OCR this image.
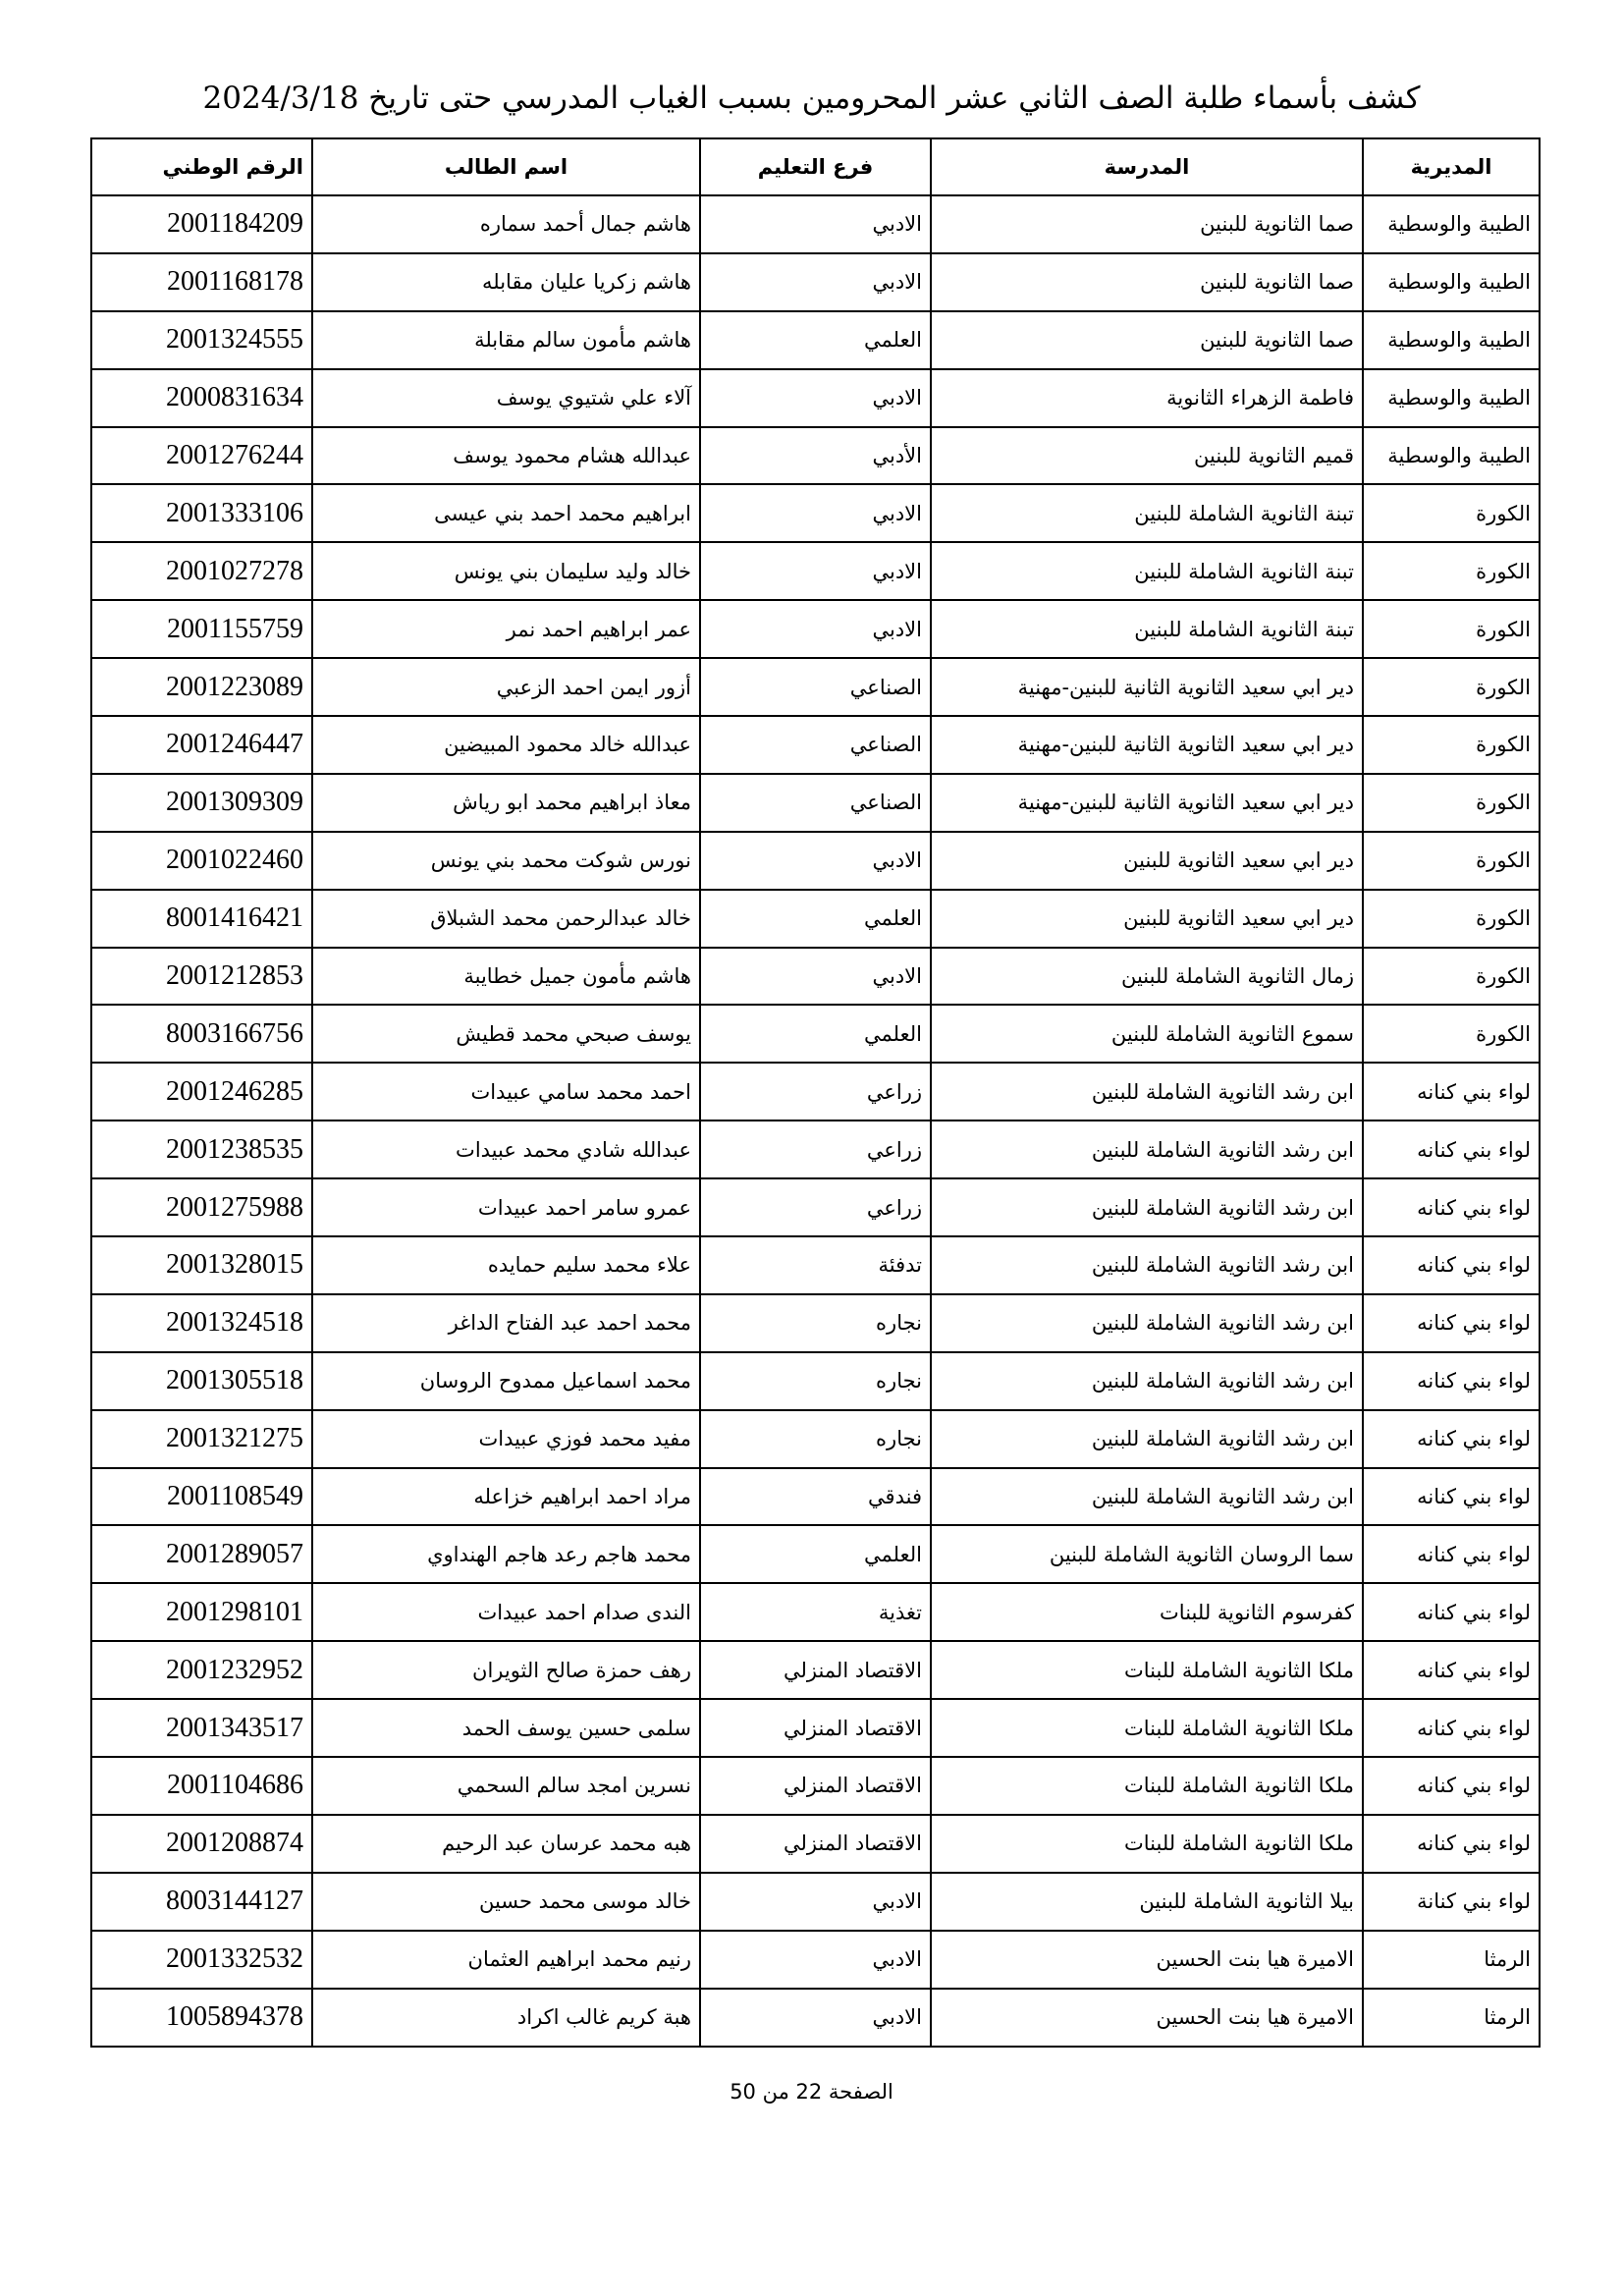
كشف بأسماء طلبة الصف الثاني عشر المحرومين بسبب الغياب المدرسي حتى تاريخ 2024/3/18
المديرية	المدرسة	فرع التعليم	اسم الطالب	الرقم الوطني
الطيبة والوسطية	صما الثانوية للبنين	الادبي	هاشم جمال أحمد سماره	2001184209
الطيبة والوسطية	صما الثانوية للبنين	الادبي	هاشم زكريا عليان مقابله	2001168178
الطيبة والوسطية	صما الثانوية للبنين	العلمي	هاشم مأمون سالم مقابلة	2001324555
الطيبة والوسطية	فاطمة الزهراء الثانوية	الادبي	آلاء علي شتيوي يوسف	2000831634
الطيبة والوسطية	قميم الثانوية للبنين	الأدبي	عبدالله هشام محمود يوسف	2001276244
الكورة	تبنة الثانوية الشاملة للبنين	الادبي	ابراهيم محمد احمد بني عيسى	2001333106
الكورة	تبنة الثانوية الشاملة للبنين	الادبي	خالد وليد سليمان بني يونس	2001027278
الكورة	تبنة الثانوية الشاملة للبنين	الادبي	عمر ابراهيم احمد نمر	2001155759
الكورة	دير ابي سعيد الثانوية الثانية للبنين-مهنية	الصناعي	أزور ايمن احمد الزعبي	2001223089
الكورة	دير ابي سعيد الثانوية الثانية للبنين-مهنية	الصناعي	عبدالله خالد محمود المبيضين	2001246447
الكورة	دير ابي سعيد الثانوية الثانية للبنين-مهنية	الصناعي	معاذ ابراهيم محمد ابو رياش	2001309309
الكورة	دير ابي سعيد الثانوية للبنين	الادبي	نورس شوكت محمد بني يونس	2001022460
الكورة	دير ابي سعيد الثانوية للبنين	العلمي	خالد عبدالرحمن محمد الشبلاق	8001416421
الكورة	زمال الثانوية الشاملة للبنين	الادبي	هاشم مأمون جميل خطايبة	2001212853
الكورة	سموع الثانوية الشاملة للبنين	العلمي	يوسف صبحي محمد قطيش	8003166756
لواء بني كنانه	ابن رشد الثانوية الشاملة للبنين	زراعي	احمد محمد سامي عبيدات	2001246285
لواء بني كنانه	ابن رشد الثانوية الشاملة للبنين	زراعي	عبدالله شادي محمد عبيدات	2001238535
لواء بني كنانه	ابن رشد الثانوية الشاملة للبنين	زراعي	عمرو سامر احمد عبيدات	2001275988
لواء بني كنانه	ابن رشد الثانوية الشاملة للبنين	تدفئة	علاء محمد سليم حمايده	2001328015
لواء بني كنانه	ابن رشد الثانوية الشاملة للبنين	نجاره	محمد احمد عبد الفتاح الداغر	2001324518
لواء بني كنانه	ابن رشد الثانوية الشاملة للبنين	نجاره	محمد اسماعيل ممدوح الروسان	2001305518
لواء بني كنانه	ابن رشد الثانوية الشاملة للبنين	نجاره	مفيد محمد فوزي عبيدات	2001321275
لواء بني كنانه	ابن رشد الثانوية الشاملة للبنين	فندقي	مراد احمد ابراهيم خزاعله	2001108549
لواء بني كنانه	سما الروسان الثانوية الشاملة للبنين	العلمي	محمد هاجم رعد هاجم الهنداوي	2001289057
لواء بني كنانه	كفرسوم الثانوية للبنات	تغذية	الندى صدام احمد عبيدات	2001298101
لواء بني كنانه	ملكا الثانوية الشاملة للبنات	الاقتصاد المنزلي	رهف حمزة صالح الثويران	2001232952
لواء بني كنانه	ملكا الثانوية الشاملة للبنات	الاقتصاد المنزلي	سلمى حسين يوسف الحمد	2001343517
لواء بني كنانه	ملكا الثانوية الشاملة للبنات	الاقتصاد المنزلي	نسرين امجد سالم السحمي	2001104686
لواء بني كنانه	ملكا الثانوية الشاملة للبنات	الاقتصاد المنزلي	هبه محمد عرسان عبد الرحيم	2001208874
لواء بني كنانة	بيلا الثانوية الشاملة للبنين	الادبي	خالد موسى محمد حسين	8003144127
الرمثا	الاميرة هيا بنت الحسين	الادبي	رنيم محمد ابراهيم العثمان	2001332532
الرمثا	الاميرة هيا بنت الحسين	الادبي	هبة كريم غالب اكراد	1005894378
الصفحة 22 من 50
